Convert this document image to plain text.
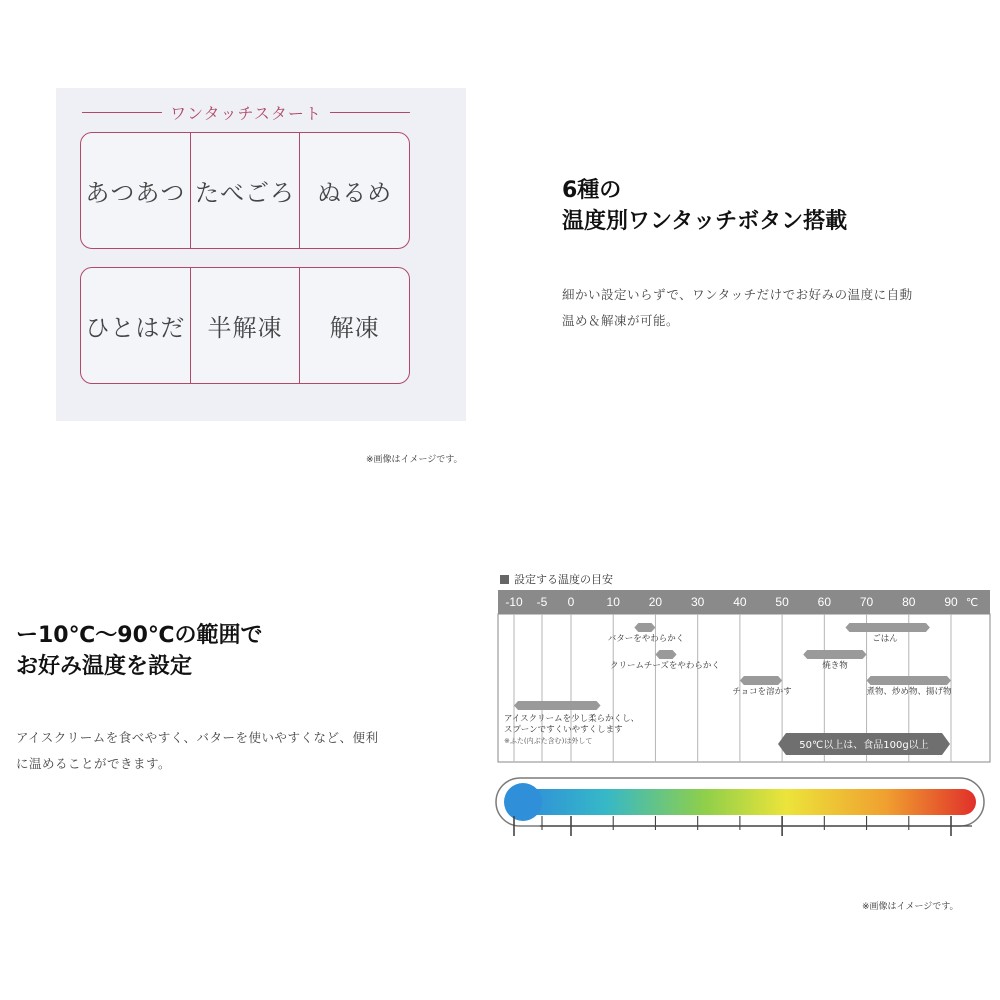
ワンタッチスタート
あつあつ たべごろ ぬるめ
ひとはだ 半解凍	解凍
※画像はイメージです。
6種の
温度別ワンタッチボタン搭載
細かい設定いらずで、ワンタッチだけでお好みの温度に自動
温め＆解凍が可能。
ー10℃〜90℃の範囲で
お好み温度を設定
アイスクリームを食べやすく、バターを使いやすくなど、便利
に温めることができます。
設定する温度の目安
-10 -5 0	10 20 30 40 50 60 70 80 90 ℃
バターをやわらかく
クリームチーズをやわらかく
ごはん
焼き物
チョコを溶かす	煮物、炒め物、揚げ物
アイスクリームを少し柔らかくし、
スプーンですくいやすくします
※ふた(内ぶた含む)は外して	50℃以上は、食品100g以上
※画像はイメージです。
